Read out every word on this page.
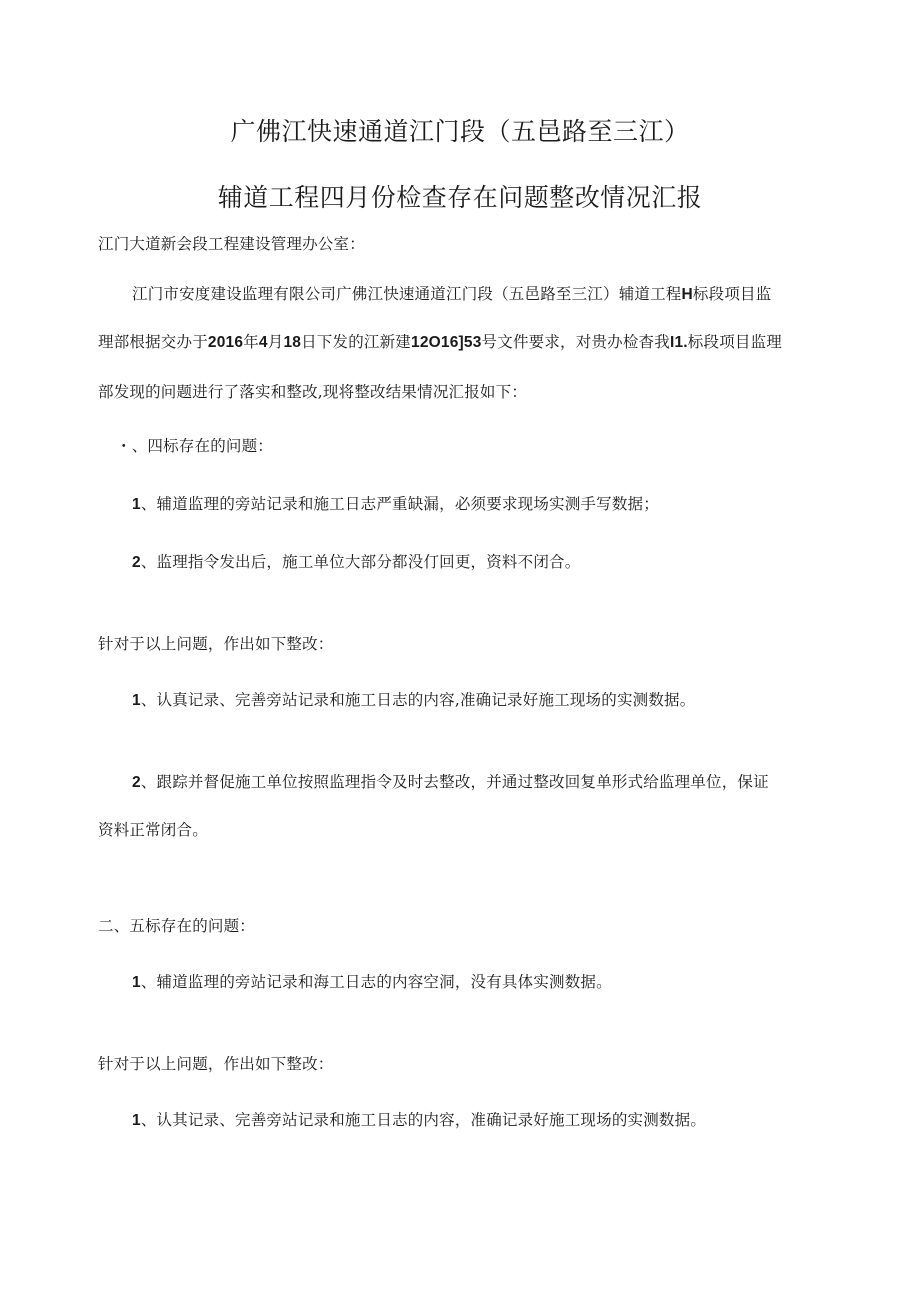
广佛江快速通道江门段（五邑路至三江）
辅道工程四月份检查存在问题整改情况汇报
江门大道新会段工程建设管理办公室：
江门市安度建设监理有限公司广佛江快速通道江门段（五邑路至三江）辅道工程H标段项目监
理部根据交办于2016年4月18日下发的江新建12O16]53号文件要求，对贵办检杳我I1.标段项目监理
部发现的问题进行了落实和整改,现将整改结果情况汇报如下：
・、四标存在的问题：
1、辅道监理的旁站记录和施工日志严重缺漏，必须要求现场实测手写数据；
2、监理指令发出后，施工单位大部分都没仃回更，资料不闭合。
针对于以上问题，作出如下整改：
1、认真记录、完善旁站记录和施工日志的内容,准确记录好施工现场的实测数据。
2、跟踪并督促施工单位按照监理指令及时去整改，并通过整改回复单形式给监理单位，保证
资料正常闭合。
二、五标存在的问题：
1、辅道监理的旁站记录和海工日志的内容空洞，没有具体实测数据。
针对于以上问题，作出如下整改：
1、认其记录、完善旁站记录和施工日志的内容，准确记录好施工现场的实测数据。
